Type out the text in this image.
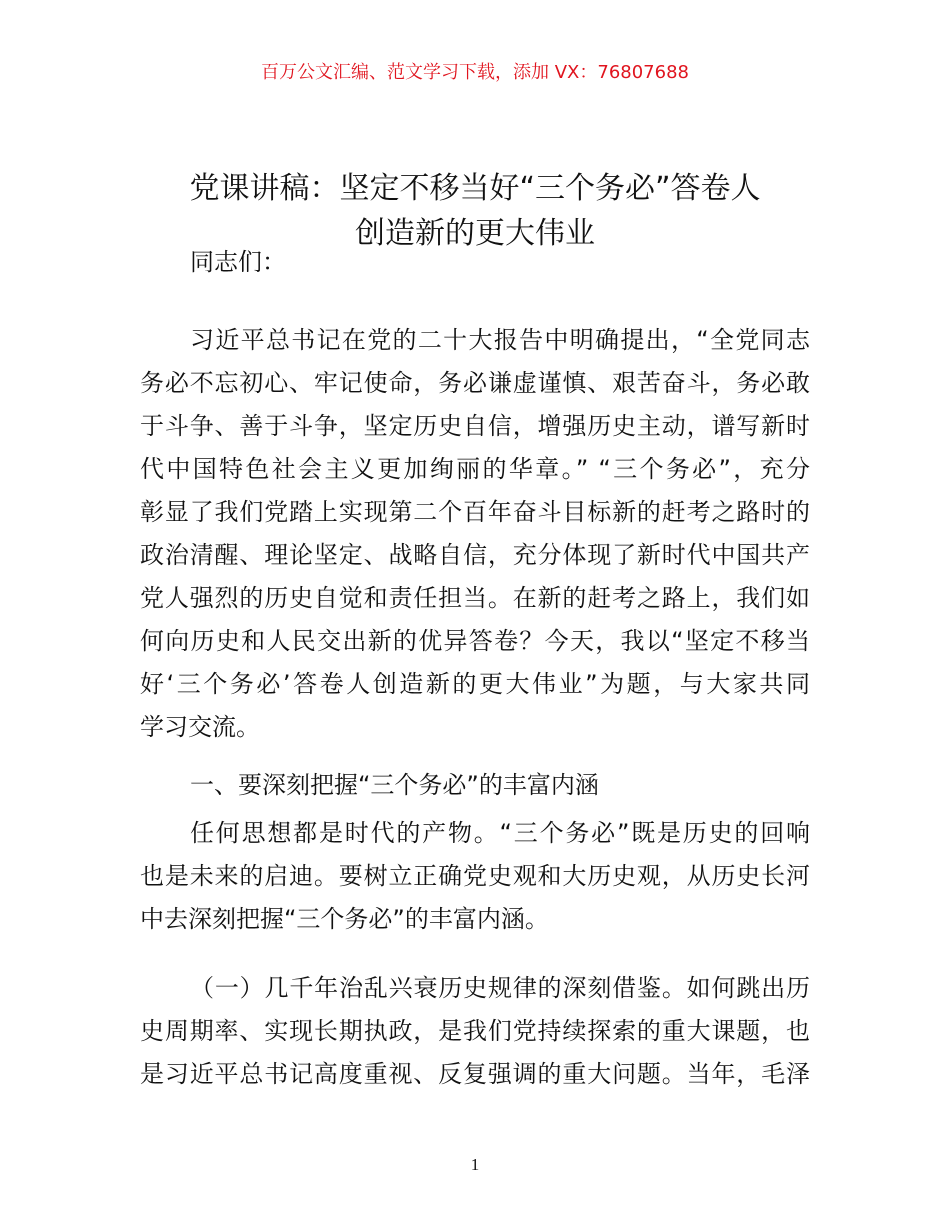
百万公文汇编、范文学习下载，添加 VX：76807688
党课讲稿：坚定不移当好“三个务必”答卷人
创造新的更大伟业
同志们：
习近平总书记在党的二十大报告中明确提出，“全党同志
务必不忘初心、牢记使命，务必谦虚谨慎、艰苦奋斗，务必敢
于斗争、善于斗争，坚定历史自信，增强历史主动，谱写新时
代中国特色社会主义更加绚丽的华章。” “三个务必”，充分
彰显了我们党踏上实现第二个百年奋斗目标新的赶考之路时的
政治清醒、理论坚定、战略自信，充分体现了新时代中国共产
党人强烈的历史自觉和责任担当。在新的赶考之路上，我们如
何向历史和人民交出新的优异答卷？今天，我以“坚定不移当
好‘三个务必’答卷人创造新的更大伟业”为题，与大家共同
学习交流。
一、要深刻把握“三个务必”的丰富内涵
任何思想都是时代的产物。“三个务必”既是历史的回响
也是未来的启迪。要树立正确党史观和大历史观，从历史长河
中去深刻把握“三个务必”的丰富内涵。
（一）几千年治乱兴衰历史规律的深刻借鉴。如何跳出历
史周期率、实现长期执政，是我们党持续探索的重大课题，也
是习近平总书记高度重视、反复强调的重大问题。当年，毛泽
1
